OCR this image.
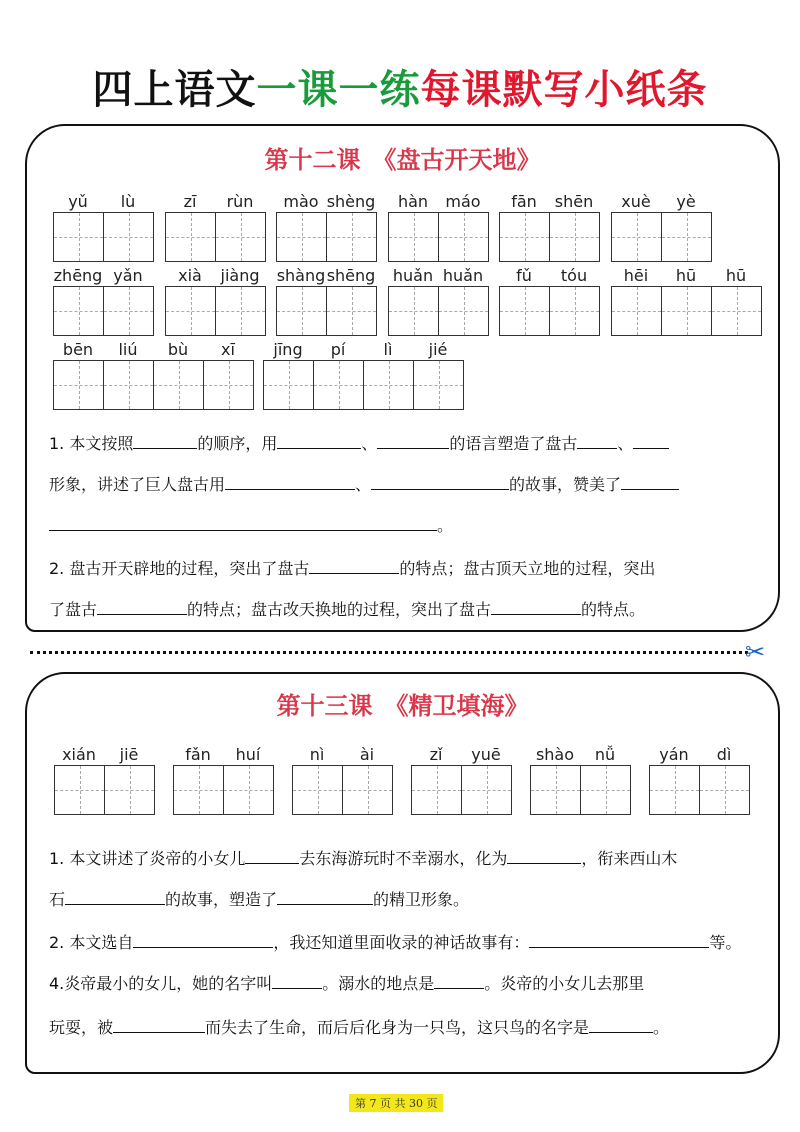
四上语文一课一练每课默写小纸条
第十二课　《盘古开天地》
1. 本文按照	的顺序，用	、	的语言塑造了盘古	、
形象，讲述了巨人盘古用	、	的故事，赞美了
。
2. 盘古开天辟地的过程，突出了盘古	的特点；盘古顶天立地的过程，突出
了盘古	的特点；盘古改天换地的过程，突出了盘古	的特点。
✂
第十三课　《精卫填海》
1. 本文讲述了炎帝的小女儿	去东海游玩时不幸溺水，化为	，衔来西山木
石	的故事，塑造了	的精卫形象。
2. 本文选自	，我还知道里面收录的神话故事有：	等。
4.炎帝最小的女儿，她的名字叫	。溺水的地点是	。炎帝的小女儿去那里
玩耍，被	而失去了生命，而后后化身为一只鸟，这只鸟的名字是	。
第 7 页 共 30 页
yǔ	lù	zī	rùn	mào shèng	hàn	máo	fān	shēn	xuè	yè
zhēng yǎn	xià	jiàng	shàng shēng	huǎn huǎn	fǔ	tóu	hēi	hū	hū
bēn	liú	bù	xī	jīng	pí	lì	jié
xián	jiē	fǎn	huí	nì	ài	zǐ	yuē	shào	nǚ	yán	dì
